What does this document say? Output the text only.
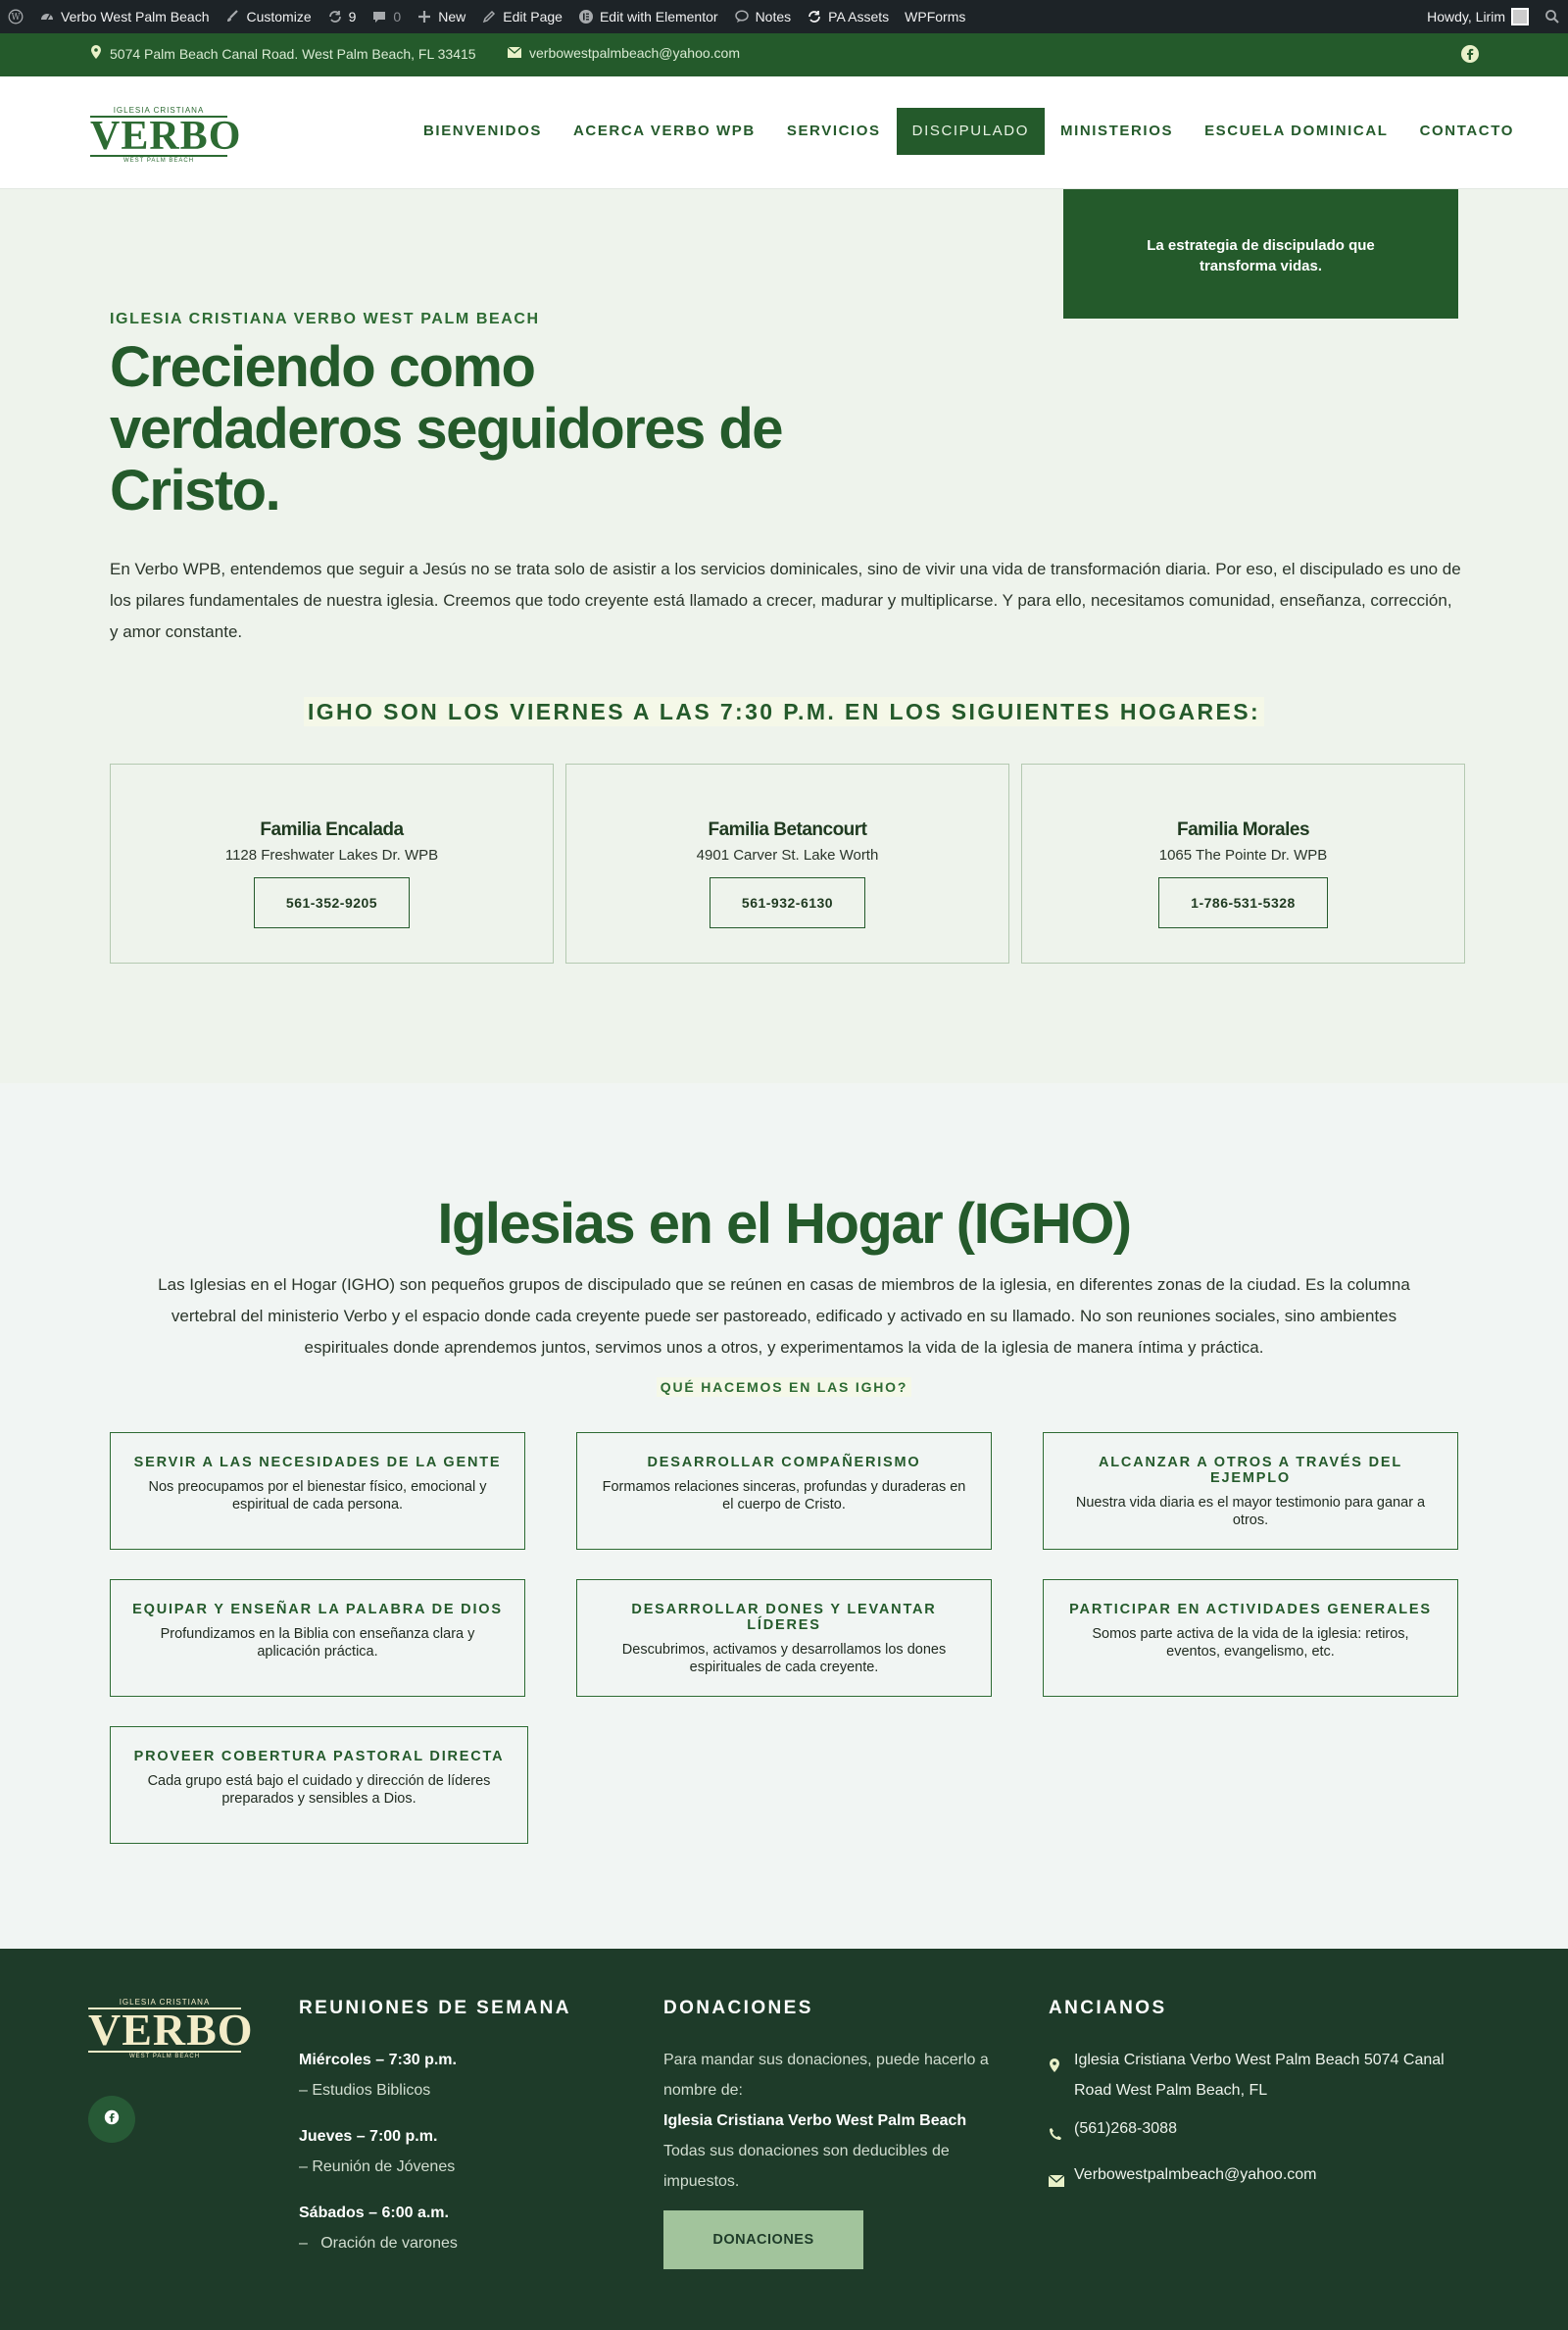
W	Verbo West Palm Beach	Customize	9	0	New	Edit Page	Edit with Elementor	Notes	PA Assets WPForms	Howdy, Lirim
5074 Palm Beach Canal Road. West Palm Beach, FL 33415	verbowestpalmbeach@yahoo.com
IGLESIA CRISTIANA
VERBO
WEST PALM BEACH
BIENVENIDOS	ACERCA VERBO WPB	SERVICIOS	DISCIPULADO	MINISTERIOS	ESCUELA DOMINICAL	CONTACTO
La estrategia de discipulado que transforma vidas.
IGLESIA CRISTIANA VERBO WEST PALM BEACH
Creciendo como verdaderos seguidores de Cristo.

En Verbo WPB, entendemos que seguir a Jesús no se trata solo de asistir a los servicios dominicales, sino de vivir una vida de transformación diaria. Por eso, el discipulado es uno de los pilares fundamentales de nuestra iglesia. Creemos que todo creyente está llamado a crecer, madurar y multiplicarse. Y para ello, necesitamos comunidad, enseñanza, corrección, y amor constante.

IGHO SON LOS VIERNES A LAS 7:30 P.M. EN LOS SIGUIENTES HOGARES:
Familia Encalada
1128 Freshwater Lakes Dr. WPB
561-352-9205
Familia Betancourt
4901 Carver St. Lake Worth
561-932-6130
Familia Morales
1065 The Pointe Dr. WPB
1-786-531-5328
Iglesias en el Hogar (IGHO)

Las Iglesias en el Hogar (IGHO) son pequeños grupos de discipulado que se reúnen en casas de miembros de la iglesia, en diferentes zonas de la ciudad. Es la columna vertebral del ministerio Verbo y el espacio donde cada creyente puede ser pastoreado, edificado y activado en su llamado. No son reuniones sociales, sino ambientes espirituales donde aprendemos juntos, servimos unos a otros, y experimentamos la vida de la iglesia de manera íntima y práctica.

QUÉ HACEMOS EN LAS IGHO?
SERVIR A LAS NECESIDADES DE LA GENTE
Nos preocupamos por el bienestar físico, emocional y espiritual de cada persona.
DESARROLLAR COMPAÑERISMO
Formamos relaciones sinceras, profundas y duraderas en el cuerpo de Cristo.
ALCANZAR A OTROS A TRAVÉS DEL EJEMPLO
Nuestra vida diaria es el mayor testimonio para ganar a otros.
EQUIPAR Y ENSEÑAR LA PALABRA DE DIOS
Profundizamos en la Biblia con enseñanza clara y aplicación práctica.
DESARROLLAR DONES Y LEVANTAR LÍDERES
Descubrimos, activamos y desarrollamos los dones espirituales de cada creyente.
PARTICIPAR EN ACTIVIDADES GENERALES
Somos parte activa de la vida de la iglesia: retiros, eventos, evangelismo, etc.
PROVEER COBERTURA PASTORAL DIRECTA
Cada grupo está bajo el cuidado y dirección de líderes preparados y sensibles a Dios.
IGLESIA CRISTIANA
VERBO
WEST PALM BEACH
REUNIONES DE SEMANA
Miércoles – 7:30 p.m.
– Estudios Biblicos
Jueves – 7:00 p.m.
– Reunión de Jóvenes
Sábados – 6:00 a.m.
–   Oración de varones
DONACIONES
Para mandar sus donaciones, puede hacerlo a nombre de:
Iglesia Cristiana Verbo West Palm Beach
Todas sus donaciones son deducibles de impuestos.
DONACIONES
ANCIANOS
Iglesia Cristiana Verbo West Palm Beach 5074 Canal Road West Palm Beach, FL
(561)268-3088
Verbowestpalmbeach@yahoo.com
